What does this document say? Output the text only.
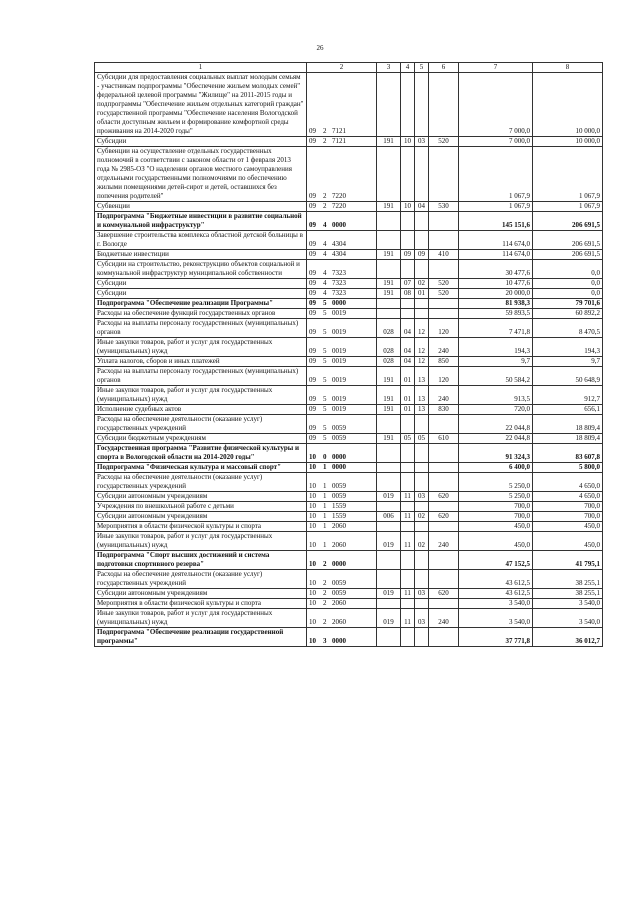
26
1	2	3	4	5	6	7	8
Субсидии для предоставления социальных выплат молодым семьям - участникам подпрограммы "Обеспечение жильем молодых семей" федеральной целевой программы "Жилище" на 2011-2015 годы и подпрограммы "Обеспечение жильем отдельных категорий граждан" государственной программы "Обеспечение населения Вологодской области доступным жильем и формирование комфортной среды проживания на 2014-2020 годы"	09 2 7121					7 000,0	10 000,0
Субсидии	09 2 7121	191	10	03	520	7 000,0	10 000,0
Субвенции на осуществление отдельных государственных полномочий в соответствии с законом области от 1 февраля 2013 года № 2985-ОЗ "О наделении органов местного самоуправления отдельными государственными полномочиями по обеспечению жилыми помещениями детей-сирот и детей, оставшихся без попечения родителей"	09 2 7220					1 067,9	1 067,9
Субвенции	09 2 7220	191	10	04	530	1 067,9	1 067,9
Подпрограмма "Бюджетные инвестиции в развитие социальной и коммунальной инфраструктур"	09 4 0000					145 151,6	206 691,5
Завершение строительства комплекса областной детской больницы в г. Вологде	09 4 4304					114 674,0	206 691,5
Бюджетные инвестиции	09 4 4304	191	09	09	410	114 674,0	206 691,5
Субсидии на строительство, реконструкцию объектов социальной и коммунальной инфраструктур муниципальной собственности	09 4 7323					30 477,6	0,0
Субсидии	09 4 7323	191	07	02	520	10 477,6	0,0
Субсидии	09 4 7323	191	08	01	520	20 000,0	0,0
Подпрограмма "Обеспечение реализации Программы"	09 5 0000					81 938,3	79 701,6
Расходы на обеспечение функций государственных органов	09 5 0019					59 893,5	60 892,2
Расходы на выплаты персоналу государственных (муниципальных) органов	09 5 0019	028	04	12	120	7 471,8	8 470,5
Иные закупки товаров, работ и услуг для государственных (муниципальных) нужд	09 5 0019	028	04	12	240	194,3	194,3
Уплата налогов, сборов и иных платежей	09 5 0019	028	04	12	850	9,7	9,7
Расходы на выплаты персоналу государственных (муниципальных) органов	09 5 0019	191	01	13	120	50 584,2	50 648,9
Иные закупки товаров, работ и услуг для государственных (муниципальных) нужд	09 5 0019	191	01	13	240	913,5	912,7
Исполнение судебных актов	09 5 0019	191	01	13	830	720,0	656,1
Расходы на обеспечение деятельности (оказание услуг) государственных учреждений	09 5 0059					22 044,8	18 809,4
Субсидии бюджетным учреждениям	09 5 0059	191	05	05	610	22 044,8	18 809,4
Государственная программа "Развитие физической культуры и спорта в Вологодской области на 2014-2020 годы"	10 0 0000					91 324,3	83 607,8
Подпрограмма "Физическая культура и массовый спорт"	10 1 0000					6 400,0	5 800,0
Расходы на обеспечение деятельности (оказание услуг) государственных учреждений	10 1 0059					5 250,0	4 650,0
Субсидии автономным учреждениям	10 1 0059	019	11	03	620	5 250,0	4 650,0
Учреждения по внешкольной работе с детьми	10 1 1559					700,0	700,0
Субсидии автономным учреждениям	10 1 1559	006	11	02	620	700,0	700,0
Мероприятия в области физической культуры и спорта	10 1 2060					450,0	450,0
Иные закупки товаров, работ и услуг для государственных (муниципальных) нужд	10 1 2060	019	11	02	240	450,0	450,0
Подпрограмма "Спорт высших достижений и система подготовки спортивного резерва"	10 2 0000					47 152,5	41 795,1
Расходы на обеспечение деятельности (оказание услуг) государственных учреждений	10 2 0059					43 612,5	38 255,1
Субсидии автономным учреждениям	10 2 0059	019	11	03	620	43 612,5	38 255,1
Мероприятия в области физической культуры и спорта	10 2 2060					3 540,0	3 540,0
Иные закупки товаров, работ и услуг для государственных (муниципальных) нужд	10 2 2060	019	11	03	240	3 540,0	3 540,0
Подпрограмма "Обеспечение реализации государственной программы"	10 3 0000					37 771,8	36 012,7
